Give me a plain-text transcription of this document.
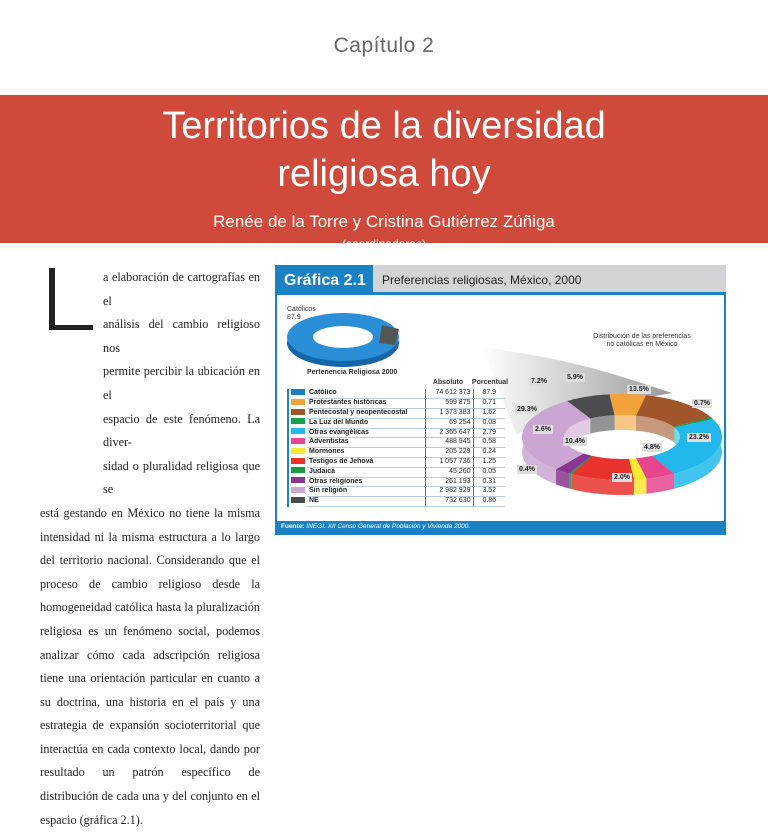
Capítulo 2
Territorios de la diversidad
religiosa hoy
Renée de la Torre y Cristina Gutiérrez Zúñiga
(coordinadoras)
a elaboración de cartografías en el
análisis del cambio religioso nos
permite percibir la ubicación en el
espacio de este fenómeno. La diver-
sidad o pluralidad religiosa que se
está gestando en México no tiene la misma intensidad ni la misma estructura a lo largo del territorio nacional. Considerando que el proceso de cambio religioso desde la homogeneidad católica hasta la pluralización religiosa es un fenómeno social, podemos analizar cómo cada adscripción religiosa tiene una orientación particular en cuanto a su doctrina, una historia en el país y una estrategia de expansión socioterritorial que interactúa en cada contexto local, dando por resultado un patrón específico de distribución de cada una y del conjunto en el espacio (gráfica 2.1).
Gráfica 2.1	Preferencias religiosas, México, 2000
Católicos
87.9
Distribución de las preferencias
no católicas en México
Pertenencia Religiosa 2000
Absoluto	Porcentual
	Católico	74 612 373	87.9
	Protestantes históricas	599 875	0.71
	Pentecostal y neopentecostal	1 373 383	1.62
	La Luz del Mundo	69 254	0.08
	Otras evangélicas	2 365 647	2.79
	Adventistas	488 945	0.58
	Mormones	205 229	0.24
	Testigos de Jehová	1 057 736	1.25
	Judaica	45 260	0.05
	Otras religiones	261 193	0.31
	Sin religión	2 982 929	3.52
	NE	732 630	0.86
7.2%
5.9%
13.5%
0.7%
23.2%
4.8%
2.0%
10.4%
0.4%
2.6%
29.3%
Fuente: INEGI. XII Censo General de Población y Vivienda 2000.
